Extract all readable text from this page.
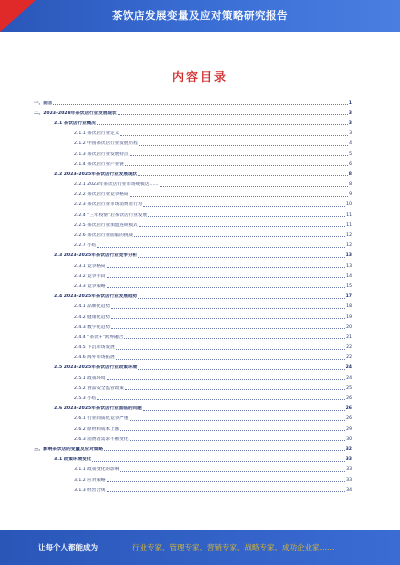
茶饮店发展变量及应对策略研究报告
内容目录
一、前言	1
二、2023-2028年茶饮店行业发展现状	3
2.1 茶饮店行业概况	3
2.1.1 茶饮店行业定义	3
2.1.2 中国茶饮店行业发展历程	4
2.1.3 茶饮店行业发展特点	5
2.1.4 茶饮店行业产业链	6
2.2 2023-2025年茶饮店行业发展现状	8
2.2.1 2023年茶饮店行业市场规模达……	8
2.2.2 茶饮店行业竞争格局	9
2.2.3 茶饮店行业市场消费者行为	10
2.2.4 “三年疫情”后茶饮店行业发展	11
2.2.5 茶饮店行业加盟连锁模式	11
2.2.6 茶饮店行业面临的挑战	12
2.2.7 小结	12
2.3 2023-2025年茶饮店行业竞争分析	13
2.3.1 竞争格局	13
2.3.2 竞争手段	14
2.3.3 竞争策略	15
2.4 2023-2025年茶饮店行业发展趋势	17
2.4.1 品牌化趋势	18
2.4.2 健康化趋势	19
2.4.3 数字化趋势	20
2.4.4 “茶饮+”跨界融合	21
2.4.5 下沉市场发展	22
2.4.6 海外市场拓展	22
2.5 2023-2025年茶饮店行业政策环境	24
2.5.1 政策环境	24
2.5.2 食品安全监管政策	25
2.5.3 小结	26
2.6 2023-2025年茶饮店行业面临的问题	26
2.6.1 行业同质化竞争严重	26
2.6.2 原材料成本上涨	29
2.6.3 消费者需求不断变化	30
三、影响茶饮店的变量及应对策略	32
3.1 政策环境变化	33
3.1.1 政策变化的影响	33
3.1.2 应对策略	33
3.1.3 经营合规	34
让每个人都能成为	行业专家、管理专家、营销专家、战略专家、成功企业家……
